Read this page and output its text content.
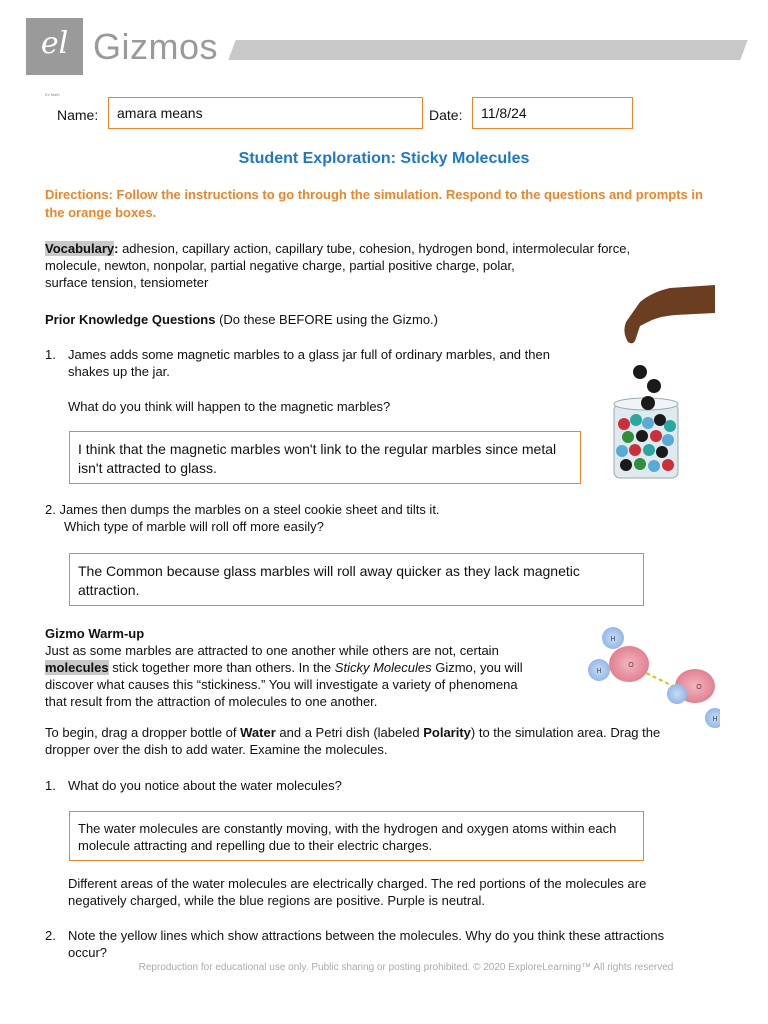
el Gizmos
Ex Math
Name:	amara means	Date:	11/8/24
Student Exploration: Sticky Molecules
Directions: Follow the instructions to go through the simulation. Respond to the questions and prompts in the orange boxes.
Vocabulary: adhesion, capillary action, capillary tube, cohesion, hydrogen bond, intermolecular force,
molecule, newton, nonpolar, partial negative charge, partial positive charge, polar,
surface tension, tensiometer
Prior Knowledge Questions (Do these BEFORE using the Gizmo.)
1. James adds some magnetic marbles to a glass jar full of ordinary marbles, and then
shakes up the jar.
What do you think will happen to the magnetic marbles?
I think that the magnetic marbles won't link to the regular marbles since metal isn't attracted to glass.
2. James then dumps the marbles on a steel cookie sheet and tilts it.
Which type of marble will roll off more easily?
The Common because glass marbles will roll away quicker as they lack magnetic attraction.
Gizmo Warm-up
Just as some marbles are attracted to one another while others are not, certain
molecules stick together more than others. In the Sticky Molecules Gizmo, you will
discover what causes this “stickiness.” You will investigate a variety of phenomena
that result from the attraction of molecules to one another.
H
H
O
O
H
To begin, drag a dropper bottle of Water and a Petri dish (labeled Polarity) to the simulation area. Drag the
dropper over the dish to add water. Examine the molecules.
1. What do you notice about the water molecules?
The water molecules are constantly moving, with the hydrogen and oxygen atoms within each molecule attracting and repelling due to their electric charges.
Different areas of the water molecules are electrically charged. The red portions of the molecules are
negatively charged, while the blue regions are positive. Purple is neutral.
2. Note the yellow lines which show attractions between the molecules. Why do you think these attractions
occur?
Reproduction for educational use only. Public sharing or posting prohibited. © 2020 ExploreLearning™ All rights reserved
